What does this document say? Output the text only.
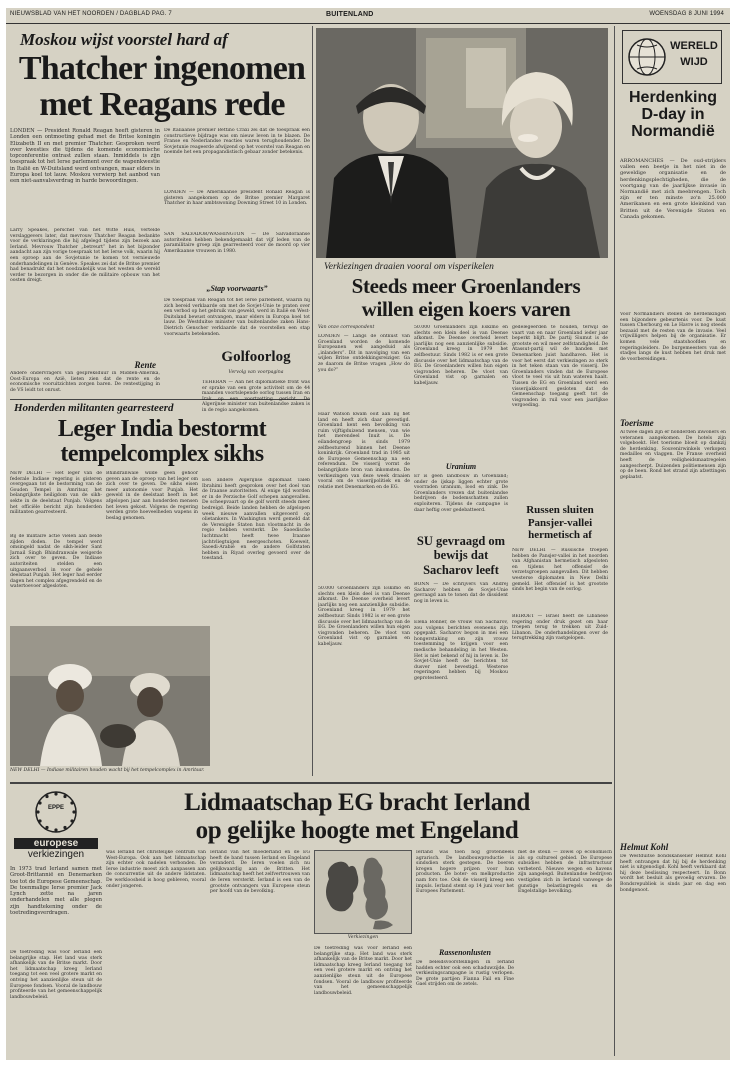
NIEUWSBLAD VAN HET NOORDEN / DAGBLAD PAG. 7	BUITENLAND	WOENSDAG 8 JUNI 1994
Moskou wijst voorstel hard af
Thatcher ingenomen
met Reagans rede
LONDEN — President Ronald Reagan heeft gisteren in Londen een ontmoeting gehad met de Britse koningin Elizabeth II en met premier Thatcher. Gesproken werd over kwesties die tijdens de komende economische topconferentie ontrast zullen staan. Inmiddels is zijn toespraak tot het Ierse parlement over de wapenkwestie in Italië en W-Duitsland werd ontvangen, maar elders in Europa koel tot lauw. Moskou verwierp het aanbod van een niet-aanvalsverdrag in harde bewoordingen.
Larry Speakes, perschef van het Witte Huis, vertelde verslaggevers later, dat mevrouw Thatcher Reagan bedankte voor de verklaringen die hij afgelegd tijdens zijn bezoek aan Ierland. Mevrouw Thatcher „betreurt” het in het bijzonder aandacht aan zijn vorige toespraak tot het Ierse volk, waarin hij een oproep aan de Sovjetunie te komen tot vernieuwde onderhandelingen in Genève. Speakes zei dat de Britse premier had benadrukt dat het noodzakelijk was het westen de wereld verder te bezorgen in onder die de militaire opbouw van het oosten dreigt.
De Italiaanse premier Bettino Craxi zei dat de toespraak een constructieve bijdrage was om nieuw leven in te blazen. De Franse en Nederlandse reacties waren terughoudender. De Sovjetunie reageerde afwijzend op het voorstel van Reagan en noemde het een propagandistisch gebaar zonder betekenis.
LONDEN — De Amerikaanse president Ronald Reagan is gisteren aangekomen op de Britse premier Margaret Thatcher in haar ambtswoning Downing Street 10 in Londen.
SAN SALVADOR/WASHINGTON — De Salvadoraanse autoriteiten hebben bekendgemaakt dat vijf leden van de paramilitaire groep zijn gearresteerd voor de moord op vier Amerikaanse vrouwen in 1980.
„Stap voorwaarts”
De toespraak van Reagan tot het Ierse parlement, waarin hij zich bereid verklaarde om met de Sovjet-Unie te praten over een verbod op het gebruik van geweld, werd in Italië en West-Duitsland bewust ontvangen, maar elders in Europa koel tot lauw. De Westduitse minister van buitenlandse zaken Hans-Dietrich Genscher verklaarde dat de voorstellen een stap voorwaarts betekenden.
Rente
Andere ondervragers van gespreksduur in Midden-Amerika, Oost-Europa en Azië, lieten zien dat de rente en de economische vooruitzichten zorgen baren. De rentestijging in de VS leidt tot onrust.
Verkiezingen draaien vooral om visperikelen
Steeds meer Groenlanders
willen eigen koers varen
Van onze correspondent
LONDEN — Langs de ontkust van Groenland worden de komende Europeanen wel aangeduid als „inlanders”. Dit in navolging van een wijlen Britse ontdekkingsreiziger. Ga ze daarom de Britse vragen „How do you do?”
Haar Watson kwam ooit aan bij het land en heeft zich daar gevestigd. Groenland kent een bevolking van ruim vijftigduizend mensen, van wie het merendeel Inuit is. De eilandengroep is sinds 1979 zelfbesturend binnen het Deense koninkrijk. Groenland trad in 1985 uit de Europese Gemeenschap na een referendum. De visserij vormt de belangrijkste bron van inkomsten. De verkiezingen van deze week draaien vooral om de visserijpolitiek en de relatie met Denemarken en de EG.
50.000 Groenlanders zijn Eskimo en slechts een klein deel is van Deense afkomst. De Deense overheid levert jaarlijks nog een aanzienlijke subsidie. Groenland kreeg in 1979 het zelfbestuur. Sinds 1982 is er een grote discussie over het lidmaatschap van de EG. De Groenlanders willen hun eigen visgronden beheren. De vloot van Groenland vist op garnalen en kabeljauw.
Uranium
Er is geen landbouw in Groenland; onder de ijskap liggen echter grote voorraden uranium, lood en zink. De Groenlanders vrezen dat buitenlandse bedrijven de bodemschatten zullen exploiteren. Tijdens de campagne is daar heftig over gedebatteerd.
gedelegeerden te houden, terwijl de vaart van en naar Groenland ieder jaar beperkt blijft. De partij Siumut is de grootste en wil meer zelfstandigheid. De Atassut-partij wil de banden met Denemarken juist handhaven. Het is voor het eerst dat verkiezingen zo sterk in het teken staan van de visserij. De Groenlanders vinden dat de Europese vloot te veel vis uit hun wateren haalt. Tussen de EG en Groenland werd een visserijakkoord gesloten dat de Gemeenschap toegang geeft tot de visgronden in ruil voor een jaarlijkse vergoeding.
Russen sluiten Pansjer-vallei hermetisch af
NEW DELHI — Russische troepen hebben de Pansjer-vallei in het noorden van Afghanistan hermetisch afgesloten en tijdens het offensief de verzetsgroepen aangevallen. Dit hebben westerse diplomaten in New Delhi gemeld. Het offensief is het grootste sinds het begin van de oorlog.
SU gevraagd om bewijs dat Sacharov leeft
BONN — De schrijvers van Andrej Sacharov hebben de Sovjet-Unie gevraagd aan te tonen dat de dissident nog in leven is.
Elena Bonner, de vrouw van Sacharov, zou volgens berichten eveneens zijn opgepakt. Sacharov begon in mei een hongerstaking om zijn vrouw toestemming te krijgen voor een medische behandeling in het Westen. Het is niet bekend of hij in leven is. De Sovjet-Unie heeft de berichten tot dusver niet bevestigd. Westerse regeringen hebben bij Moskou geprotesteerd.
BEIROET — Israël heeft de Libanese regering onder druk gezet om haar troepen terug te trekken uit Zuid-Libanon. De onderhandelingen over de terugtrekking zijn vastgelopen.
50.000 Groenlanders zijn Eskimo en slechts een klein deel is van Deense afkomst. De Deense overheid levert jaarlijks nog een aanzienlijke subsidie. Groenland kreeg in 1979 het zelfbestuur. Sinds 1982 is er een grote discussie over het lidmaatschap van de EG. De Groenlanders willen hun eigen visgronden beheren. De vloot van Groenland vist op garnalen en kabeljauw.
Honderden militanten gearresteerd
Leger India bestormt
tempelcomplex sikhs
NEW DELHI — Het leger van de federale Indiase regering is gisteren overgegaan tot de bestorming van de Gouden Tempel in Amritsar, het belangrijkste heiligdom van de sikh-sekte in de deelstaat Punjab. Volgens het officiële bericht zijn honderden militanten gearresteerd.
Bij de militaire actie vielen aan beide zijden doden. De tempel werd omsingeld nadat de sikh-leider Sant Jarnail Singh Bhindranwale weigerde zich over te geven. De Indiase autoriteiten stelden een uitgaansverbod in voor de gehele deelstaat Punjab. Het leger had eerder dagen het complex afgegrendeld en de watertoevoer afgesloten.
Bhindranwale wilde geen gehoor geven aan de oproep van het leger om zich over te geven. De sikhs eisen meer autonomie voor Punjab. Het geweld in de deelstaat heeft in het afgelopen jaar aan honderden mensen het leven gekost. Volgens de regering werden grote hoeveelheden wapens in beslag genomen.
NEW DELHI — Indiase militairen houden wacht bij het tempelcomplex in Amritsar.
Golfoorlog
Vervolg van voorpagina
TEHERAN — Aan het diplomatieke front was er sprake van een grote activiteit om de 44 maanden voortslepende oorlog tussen Iran en Irak op een voortzetting gericht. De Algerijnse minister van buitenlandse zaken is in de regio aangekomen.
Een andere Algerijnse diplomaat Taleb Ibrahimi heeft gesproken over het doel van de Iraanse autoriteiten. Al enige tijd worden er in de Perzische Golf schepen aangevallen. De scheepvaart op de golf wordt steeds meer bedreigd. Beide landen hebben de afgelopen week nieuwe aanvallen uitgevoerd op olietankers. In Washington werd gemeld dat de Verenigde Staten hun vlootmacht in de regio hebben versterkt. De Saoedische luchtmacht heeft twee Iraanse jachtvliegtuigen neergeschoten. Koeweit, Saoedi-Arabië en de andere Golfstaten hebben in Riyad overleg gevoerd over de toestand.
WERELD
WIJD
Herdenking D-day in Normandië
ARROMANCHES — De oud-strijders vallen een beetje in het niet in de geweldige organisatie en de herdenkingsplechtigheden, die de voortgang van de jaarlijkse invasie in Normandië met zich meebrengen. Toch zijn er ten minste zo'n 25.000 Amerikanen en een grote kleinkind van Britten uit de Verenigde Staten en Canada gekomen.
Voor Normandiërs stellen de herdenkingen een bijzondere gebeurtenis voor. De kust tussen Cherbourg en Le Havre is nog steeds bezaaid met de resten van de invasie. Veel vrijwilligers helpen bij de organisatie. Er komen vele staatshoofden en regeringsleiders. De burgemeesters van de stadjes langs de kust hebben het druk met de voorbereidingen.
Toerisme
Al twee dagen zijn er honderden inwoners en veteranen aangekomen. De hotels zijn volgeboekt. Het toerisme bloeit op dankzij de herdenking. Souvenirwinkels verkopen medailles en vlaggen. De Franse overheid heeft de veiligheidsmaatregelen aangescherpt. Duizenden politiemensen zijn op de been. Rond het strand zijn afzettingen geplaatst.
Helmut Kohl
De Westduitse bondskanselier Helmut Kohl heeft ontvangen dat hij bij de herdenking niet is uitgenodigd. Kohl heeft verklaard dat hij deze beslissing respecteert. In Bonn wordt het besluit als gevoelig ervaren. De Bondsrepubliek is sinds jaar en dag een bondgenoot.
EPPE
europese
verkiezingen
Lidmaatschap EG bracht Ierland
op gelijke hoogte met Engeland
In 1973 trad Ierland samen met Groot-Brittannië en Denemarken toe tot de Europese Gemeenschap. De toenmalige Ierse premier Jack Lynch zette na jaren onderhandelen met alle plegen zijn handtekening onder de toetredingsverdragen.
De toetreding was voor Ierland een belangrijke stap. Het land was sterk afhankelijk van de Britse markt. Door het lidmaatschap kreeg Ierland toegang tot een veel grotere markt en ontving het aanzienlijke steun uit de Europese fondsen. Vooral de landbouw profiteerde van het gemeenschappelijk landbouwbeleid.
was Ierland het christelijke centrum van West-Europa. Ook aan het lidmaatschap zijn echter ook nadelen verbonden. De Ierse industrie moest zich aanpassen aan de concurrentie uit de andere lidstaten. De werkloosheid is hoog gebleven, vooral onder jongeren.
Ierland van het moederland en de EG heeft de band tussen Ierland en Engeland veranderd. De Ieren voelen zich nu gelijkwaardig aan de Britten. Het lidmaatschap heeft het zelfvertrouwen van de Ieren versterkt. Ierland is een van de grootste ontvangers van Europese steun per hoofd van de bevolking.
Verkiezingen
Ierland was toen nog grotendeels agrarisch. De landbouwproductie is sindsdien sterk gestegen. De boeren kregen hogere prijzen voor hun producten. De boter- en melkproductie nam fors toe. Ook de visserij kreeg een impuls. Ierland stemt op 14 juni voor het Europees Parlement.
Rassenonlusten
De beleidsvoorstellingen in Ierland hadden echter ook een schaduwzijde. De verkiezingscampagne is rustig verlopen. De grote partijen Fianna Fail en Fine Gael strijden om de zetels.
met de steun — zowel op economisch als op cultureel gebied. De Europese subsidies hebben de infrastructuur verbeterd. Nieuwe wegen en havens zijn aangelegd. Buitenlandse bedrijven vestigden zich in Ierland vanwege de gunstige belastingregels en de Engelstalige bevolking.
De toetreding was voor Ierland een belangrijke stap. Het land was sterk afhankelijk van de Britse markt. Door het lidmaatschap kreeg Ierland toegang tot een veel grotere markt en ontving het aanzienlijke steun uit de Europese fondsen. Vooral de landbouw profiteerde van het gemeenschappelijk landbouwbeleid.
